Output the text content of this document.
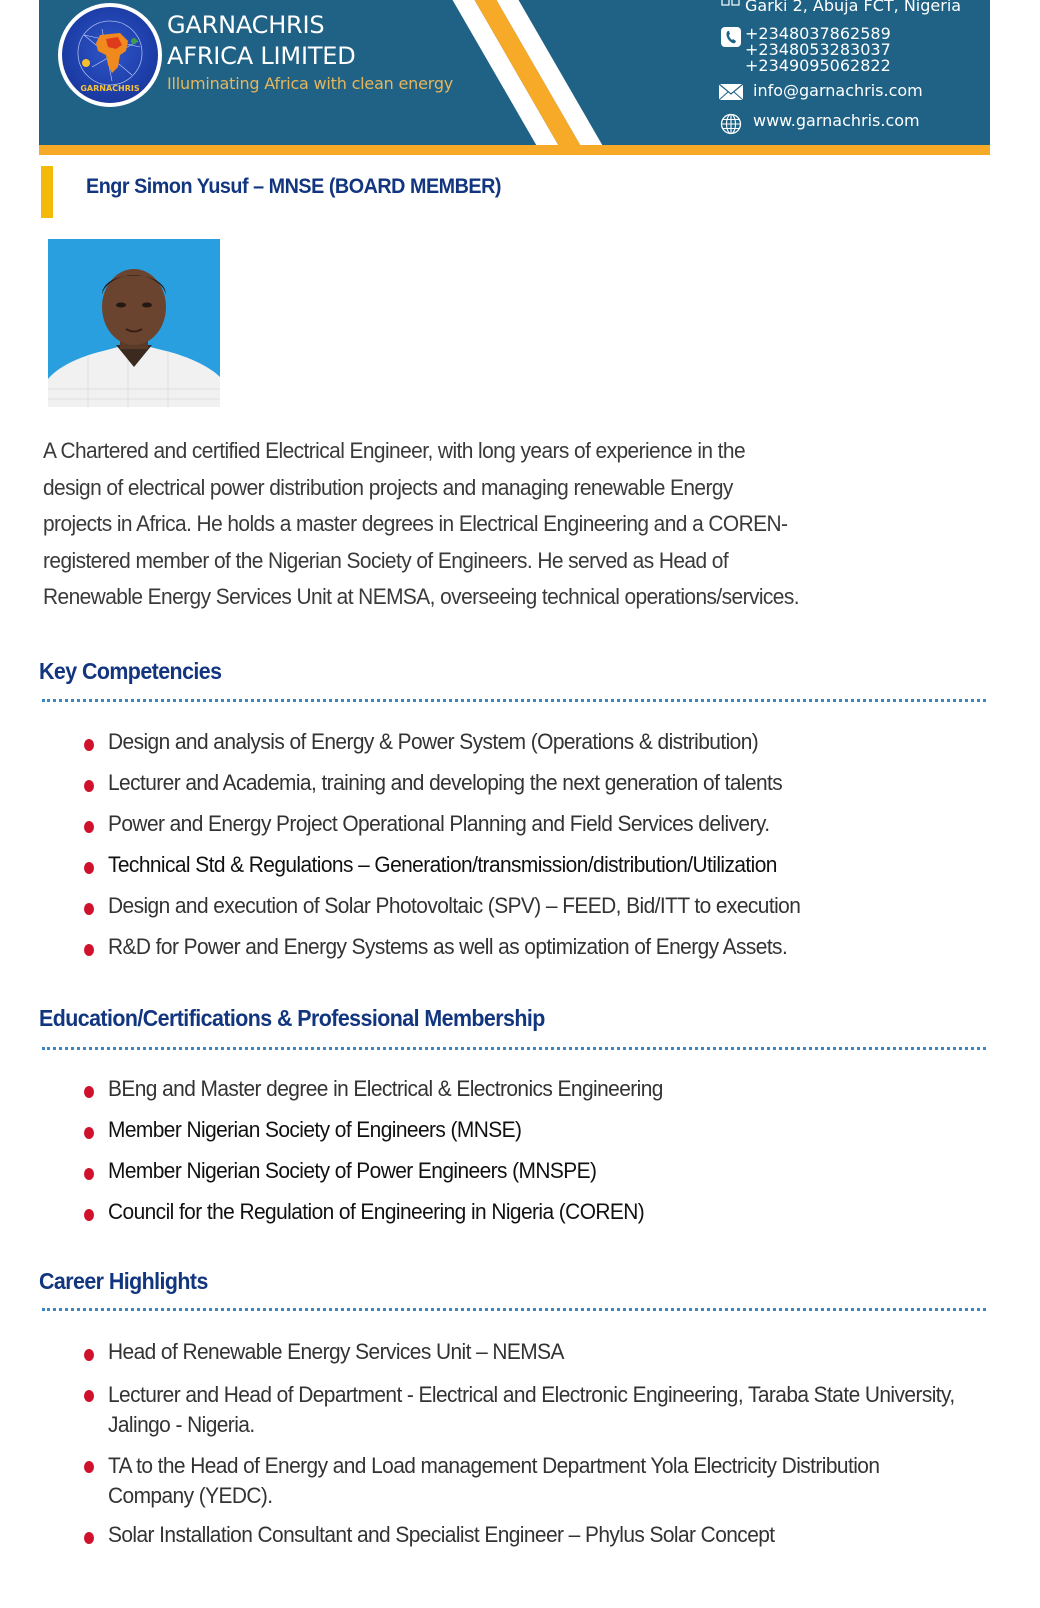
GARNACHRIS
GARNACHRIS
AFRICA LIMITED
Illuminating Africa with clean energy
Garki 2, Abuja FCT, Nigeria
+2348037862589
+2348053283037
+2349095062822
info@garnachris.com
www.garnachris.com
Engr Simon Yusuf – MNSE (BOARD MEMBER)
A Chartered and certified Electrical Engineer, with long years of experience in the
design of electrical power distribution projects and managing renewable Energy
projects in Africa. He holds a master degrees in Electrical Engineering and a COREN-
registered member of the Nigerian Society of Engineers. He served as Head of
Renewable Energy Services Unit at NEMSA, overseeing technical operations/services.
Key Competencies
Design and analysis of Energy & Power System (Operations & distribution)
Lecturer and Academia, training and developing the next generation of talents
Power and Energy Project Operational Planning and Field Services delivery.
Technical Std & Regulations – Generation/transmission/distribution/Utilization
Design and execution of Solar Photovoltaic (SPV) – FEED, Bid/ITT to execution
R&D for Power and Energy Systems as well as optimization of Energy Assets.
Education/Certifications & Professional Membership
BEng and Master degree in Electrical & Electronics Engineering
Member Nigerian Society of Engineers (MNSE)
Member Nigerian Society of Power Engineers (MNSPE)
Council for the Regulation of Engineering in Nigeria (COREN)
Career Highlights
Head of Renewable Energy Services Unit – NEMSA
Lecturer and Head of Department - Electrical and Electronic Engineering, Taraba State University, Jalingo - Nigeria.
TA to the Head of Energy and Load management Department Yola Electricity Distribution Company (YEDC).
Solar Installation Consultant and Specialist Engineer – Phylus Solar Concept
